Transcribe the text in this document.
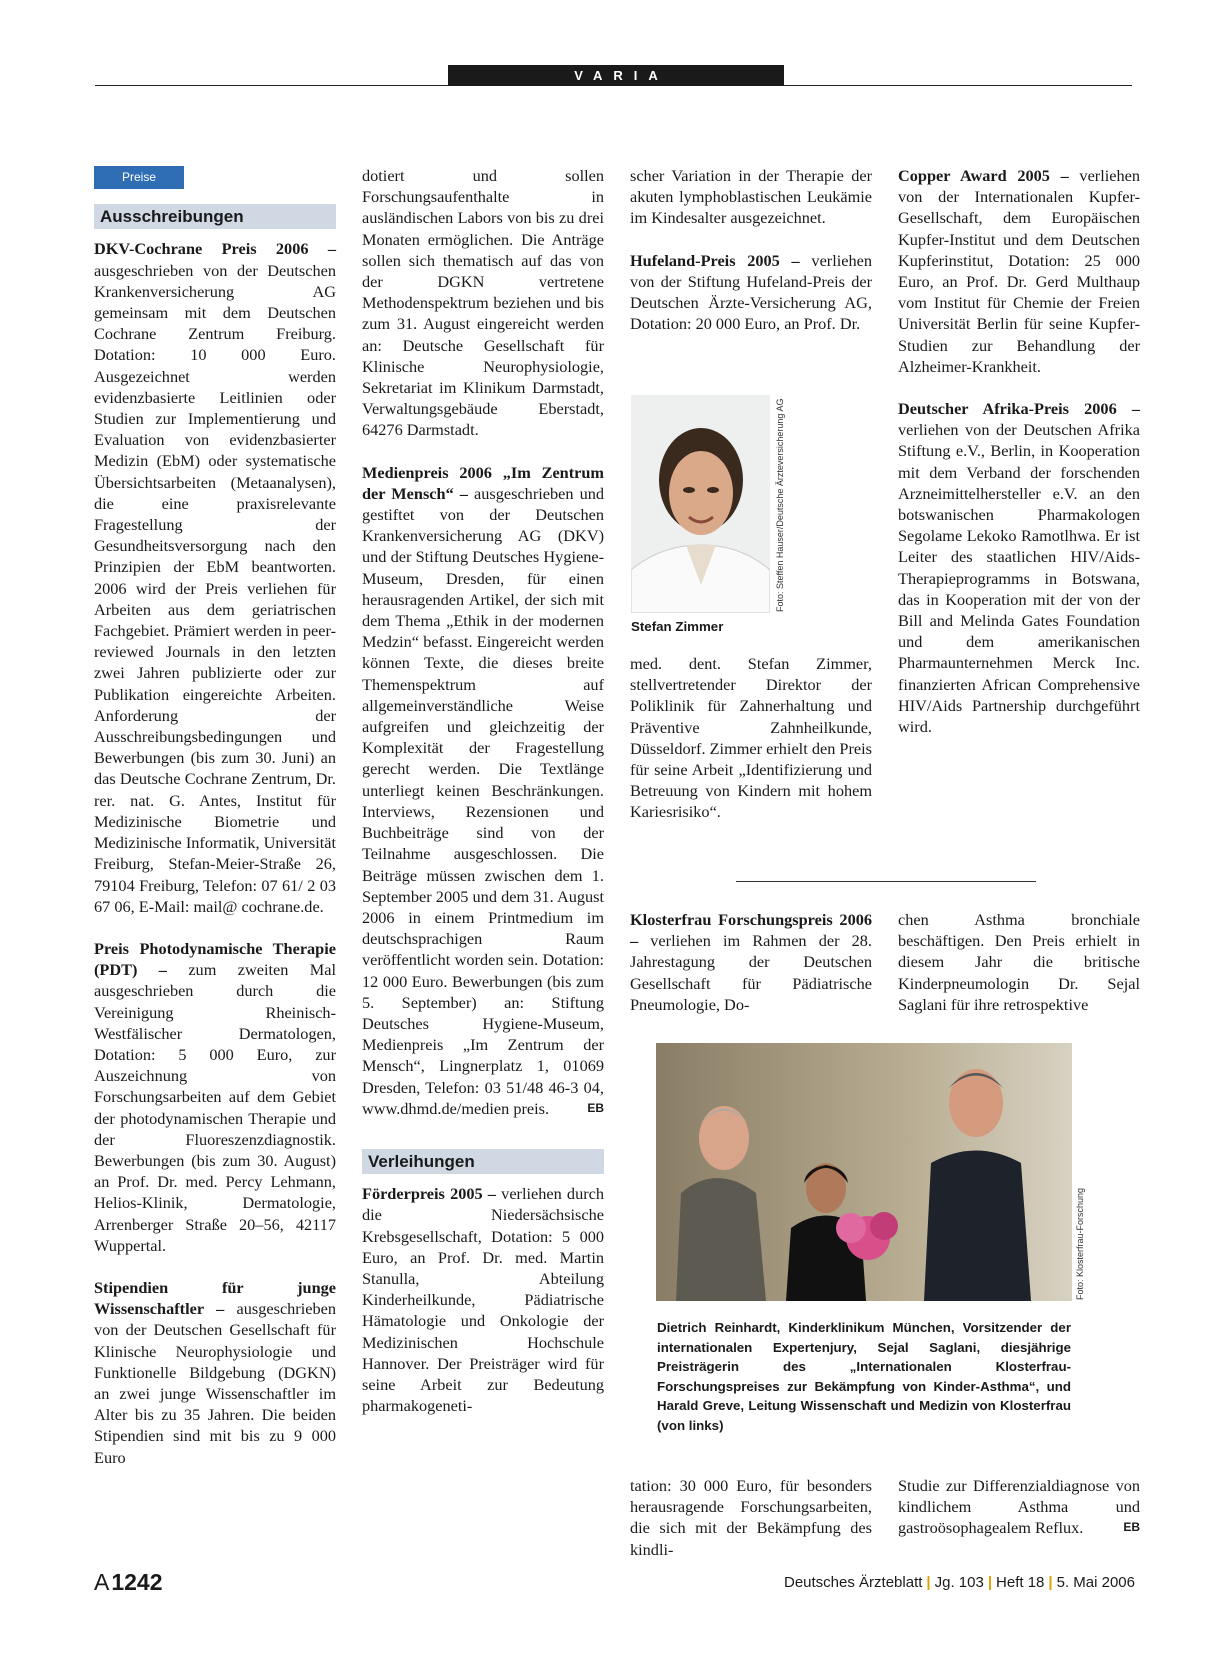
VARIA
Preise
Ausschreibungen

DKV-Cochrane Preis 2006 – ausgeschrieben von der Deutschen Krankenversicherung AG gemeinsam mit dem Deutschen Cochrane Zentrum Freiburg. Dotation: 10 000 Euro. Ausgezeichnet werden evidenzbasierte Leitlinien oder Studien zur Implementierung und Evaluation von evidenzbasierter Medizin (EbM) oder systematische Übersichtsarbeiten (Metaanalysen), die eine praxisrelevante Fragestellung der Gesundheitsversorgung nach den Prinzipien der EbM beantworten. 2006 wird der Preis verliehen für Arbeiten aus dem geriatrischen Fachgebiet. Prämiert werden in peer-reviewed Journals in den letzten zwei Jahren publizierte oder zur Publikation eingereichte Arbeiten. Anforderung der Ausschreibungsbedingungen und Bewerbungen (bis zum 30. Juni) an das Deutsche Cochrane Zentrum, Dr. rer. nat. G. Antes, Institut für Medizinische Biometrie und Medizinische Informatik, Universität Freiburg, Stefan-Meier-Straße 26, 79104 Freiburg, Telefon: 07 61/ 2 03 67 06, E-Mail: mail@ cochrane.de.

Preis Photodynamische Therapie (PDT) – zum zweiten Mal ausgeschrieben durch die Vereinigung Rheinisch-Westfälischer Dermatologen, Dotation: 5 000 Euro, zur Auszeichnung von Forschungsarbeiten auf dem Gebiet der photodynamischen Therapie und der Fluoreszenzdiagnostik. Bewerbungen (bis zum 30. August) an Prof. Dr. med. Percy Lehmann, Helios-Klinik, Dermatologie, Arrenberger Straße 20–56, 42117 Wuppertal.

Stipendien für junge Wissenschaftler – ausgeschrieben von der Deutschen Gesellschaft für Klinische Neurophysiologie und Funktionelle Bildgebung (DGKN) an zwei junge Wissenschaftler im Alter bis zu 35 Jahren. Die beiden Stipendien sind mit bis zu 9 000 Euro

dotiert und sollen Forschungsaufenthalte in ausländischen Labors von bis zu drei Monaten ermöglichen. Die Anträge sollen sich thematisch auf das von der DGKN vertretene Methodenspektrum beziehen und bis zum 31. August eingereicht werden an: Deutsche Gesellschaft für Klinische Neurophysiologie, Sekretariat im Klinikum Darmstadt, Verwaltungsgebäude Eberstadt, 64276 Darmstadt.

Medienpreis 2006 „Im Zentrum der Mensch“ – ausgeschrieben und gestiftet von der Deutschen Krankenversicherung AG (DKV) und der Stiftung Deutsches Hygiene-Museum, Dresden, für einen herausragenden Artikel, der sich mit dem Thema „Ethik in der modernen Medzin“ befasst. Eingereicht werden können Texte, die dieses breite Themenspektrum auf allgemeinverständliche Weise aufgreifen und gleichzeitig der Komplexität der Fragestellung gerecht werden. Die Textlänge unterliegt keinen Beschränkungen. Interviews, Rezensionen und Buchbeiträge sind von der Teilnahme ausgeschlossen. Die Beiträge müssen zwischen dem 1. September 2005 und dem 31. August 2006 in einem Printmedium im deutschsprachigen Raum veröffentlicht worden sein. Dotation: 12 000 Euro. Bewerbungen (bis zum 5. September) an: Stiftung Deutsches Hygiene-Museum, Medienpreis „Im Zentrum der Mensch“, Lingnerplatz 1, 01069 Dresden, Telefon: 03 51/48 46-3 04, www.dhmd.de/medien preis.	EB

Verleihungen

Förderpreis 2005 – verliehen durch die Niedersächsische Krebsgesellschaft, Dotation: 5 000 Euro, an Prof. Dr. med. Martin Stanulla, Abteilung Kinderheilkunde, Pädiatrische Hämatologie und Onkologie der Medizinischen Hochschule Hannover. Der Preisträger wird für seine Arbeit zur Bedeutung pharmakogeneti-

scher Variation in der Therapie der akuten lymphoblastischen Leukämie im Kindesalter ausgezeichnet.

Hufeland-Preis 2005 – verliehen von der Stiftung Hufeland-Preis der Deutschen Ärzte-Versicherung AG, Dotation: 20 000 Euro, an Prof. Dr.

Foto: Steffen Hauser/Deutsche Ärzteversicherung AG
Stefan Zimmer

med. dent. Stefan Zimmer, stellvertretender Direktor der Poliklinik für Zahnerhaltung und Präventive Zahnheilkunde, Düsseldorf. Zimmer erhielt den Preis für seine Arbeit „Identifizierung und Betreuung von Kindern mit hohem Kariesrisiko“.

Copper Award 2005 – verliehen von der Internationalen Kupfer-Gesellschaft, dem Europäischen Kupfer-Institut und dem Deutschen Kupferinstitut, Dotation: 25 000 Euro, an Prof. Dr. Gerd Multhaup vom Institut für Chemie der Freien Universität Berlin für seine Kupfer-Studien zur Behandlung der Alzheimer-Krankheit.

Deutscher Afrika-Preis 2006 – verliehen von der Deutschen Afrika Stiftung e.V., Berlin, in Kooperation mit dem Verband der forschenden Arzneimittelhersteller e.V. an den botswanischen Pharmakologen Segolame Lekoko Ramotlhwa. Er ist Leiter des staatlichen HIV/Aids-Therapieprogramms in Botswana, das in Kooperation mit der von der Bill and Melinda Gates Foundation und dem amerikanischen Pharmaunternehmen Merck Inc. finanzierten African Comprehensive HIV/Aids Partnership durchgeführt wird.

Klosterfrau Forschungspreis 2006 – verliehen im Rahmen der 28. Jahrestagung der Deutschen Gesellschaft für Pädiatrische Pneumologie, Do-

chen Asthma bronchiale beschäftigen. Den Preis erhielt in diesem Jahr die britische Kinderpneumologin Dr. Sejal Saglani für ihre retrospektive

Foto: Klosterfrau-Forschung
Dietrich Reinhardt, Kinderklinikum München, Vorsitzender der internationalen Expertenjury, Sejal Saglani, diesjährige Preisträgerin des „Internationalen Klosterfrau-Forschungspreises zur Bekämpfung von Kinder-Asthma“, und Harald Greve, Leitung Wissenschaft und Medizin von Klosterfrau (von links)

tation: 30 000 Euro, für besonders herausragende Forschungsarbeiten, die sich mit der Bekämpfung des kindli-

Studie zur Differenzialdiagnose von kindlichem Asthma und gastroösophagealem Reflux.	EB

A1242	Deutsches Ärzteblatt | Jg. 103 | Heft 18 | 5. Mai 2006
